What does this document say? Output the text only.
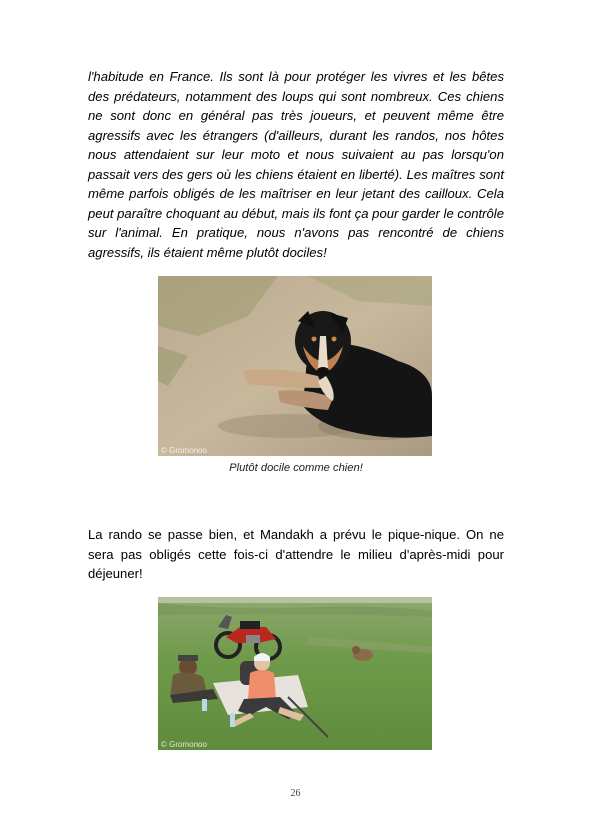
l'habitude en France. Ils sont là pour protéger les vivres et les bêtes des prédateurs, notamment des loups qui sont nombreux. Ces chiens ne sont donc en général pas très joueurs, et peuvent même être agressifs avec les étrangers (d'ailleurs, durant les randos, nos hôtes nous attendaient sur leur moto et nous suivaient au pas lorsqu'on passait vers des gers où les chiens étaient en liberté). Les maîtres sont même parfois obligés de les maîtriser en leur jetant des cailloux. Cela peut paraître choquant au début, mais ils font ça pour garder le contrôle sur l'animal. En pratique, nous n'avons pas rencontré de chiens agressifs, ils étaient même plutôt dociles!

© Gromonoo
Plutôt docile comme chien!

La rando se passe bien, et Mandakh a prévu le pique-nique. On ne sera pas obligés cette fois-ci d'attendre le milieu d'après-midi pour déjeuner!

© Gromonoo
26
